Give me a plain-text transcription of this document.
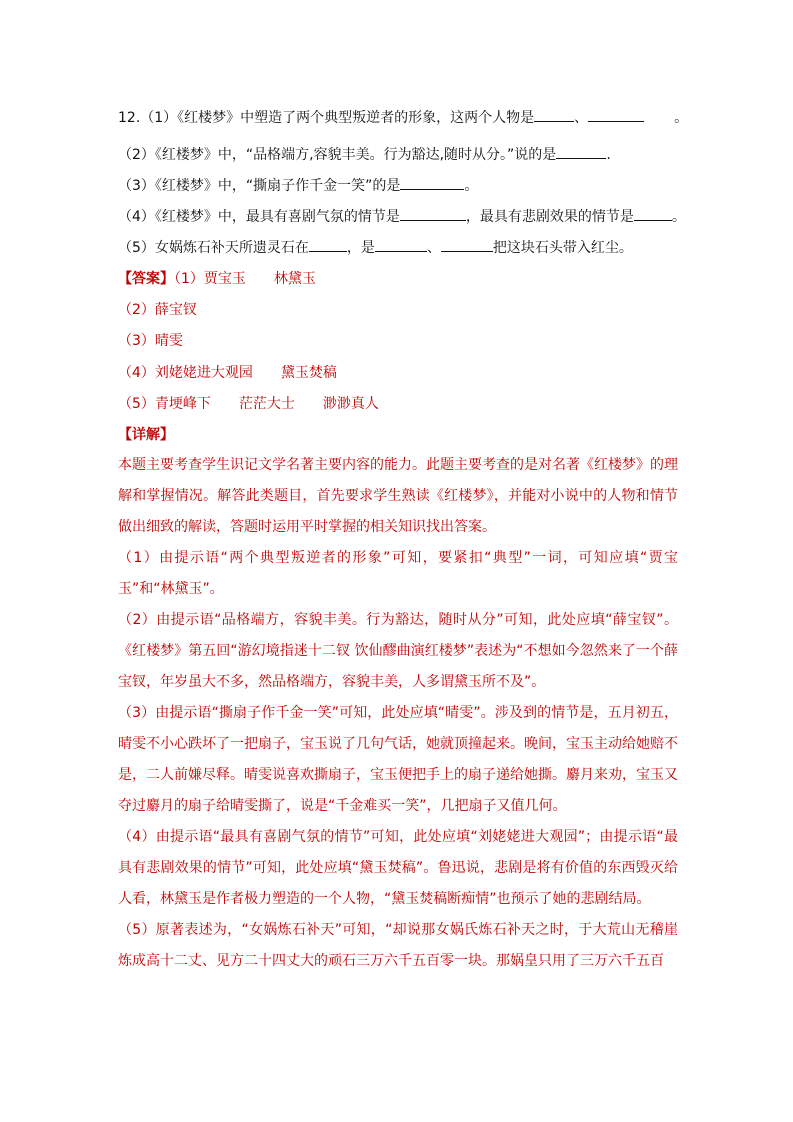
12.（1）《红楼梦》中塑造了两个典型叛逆者的形象，这两个人物是	、	。
（2）《红楼梦》中，“品格端方,容貌丰美。行为豁达,随时从分。”说的是	.
（3）《红楼梦》中，“撕扇子作千金一笑”的是	。
（4）《红楼梦》中，最具有喜剧气氛的情节是	，最具有悲剧效果的情节是	。
（5）女娲炼石补天所遗灵石在	，是	、	把这块石头带入红尘。
【答案】（1）贾宝玉 林黛玉
（2）薛宝钗
（3）晴雯
（4）刘姥姥进大观园 黛玉焚稿
（5）青埂峰下 茫茫大士 渺渺真人
【详解】

本题主要考查学生识记文学名著主要内容的能力。此题主要考查的是对名著《红楼梦》的理解和掌握情况。解答此类题目，首先要求学生熟读《红楼梦》，并能对小说中的人物和情节做出细致的解读，答题时运用平时掌握的相关知识找出答案。

（1）由提示语“两个典型叛逆者的形象”可知，要紧扣“典型”一词，可知应填“贾宝玉”和“林黛玉”。

（2）由提示语“品格端方，容貌丰美。行为豁达，随时从分”可知，此处应填“薛宝钗”。《红楼梦》第五回“游幻境指迷十二钗 饮仙醪曲演红楼梦”表述为“不想如今忽然来了一个薛宝钗，年岁虽大不多，然品格端方，容貌丰美，人多谓黛玉所不及”。

（3）由提示语“撕扇子作千金一笑”可知，此处应填“晴雯”。涉及到的情节是，五月初五，晴雯不小心跌坏了一把扇子，宝玉说了几句气话，她就顶撞起来。晚间，宝玉主动给她赔不是，二人前嫌尽释。晴雯说喜欢撕扇子，宝玉便把手上的扇子递给她撕。麝月来劝，宝玉又夺过麝月的扇子给晴雯撕了，说是“千金难买一笑”，几把扇子又值几何。

（4）由提示语“最具有喜剧气氛的情节”可知，此处应填“刘姥姥进大观园”；由提示语“最具有悲剧效果的情节”可知，此处应填“黛玉焚稿”。鲁迅说，悲剧是将有价值的东西毁灭给人看，林黛玉是作者极力塑造的一个人物，“黛玉焚稿断痴情”也预示了她的悲剧结局。

（5）原著表述为，“女娲炼石补天”可知，“却说那女娲氏炼石补天之时，于大荒山无稽崖炼成高十二丈、见方二十四丈大的顽石三万六千五百零一块。那娲皇只用了三万六千五百
